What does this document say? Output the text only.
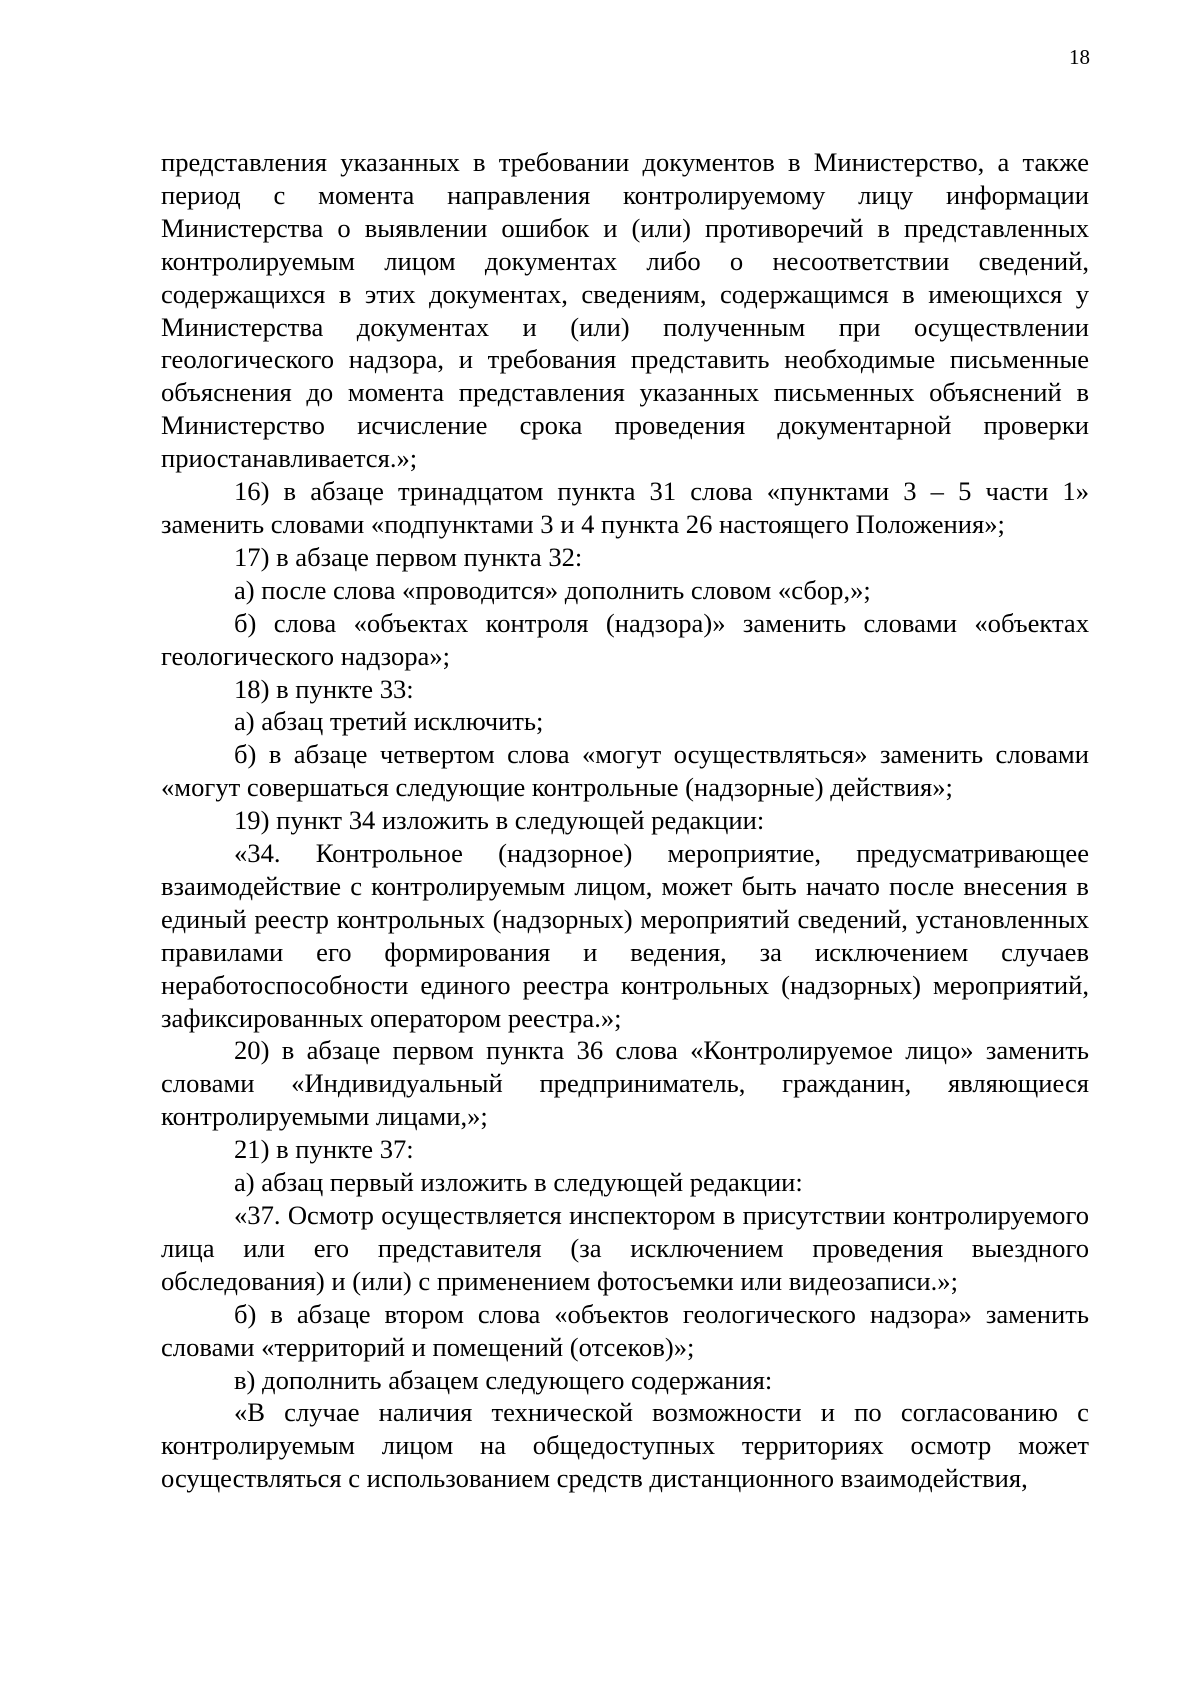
18

представления указанных в требовании документов в Министерство, а также период с момента направления контролируемому лицу информации Министерства о выявлении ошибок и (или) противоречий в представленных контролируемым лицом документах либо о несоответствии сведений, содержащихся в этих документах, сведениям, содержащимся в имеющихся у Министерства документах и (или) полученным при осуществлении геологического надзора, и требования представить необходимые письменные объяснения до момента представления указанных письменных объяснений в Министерство исчисление срока проведения документарной проверки приостанавливается.»;

16) в абзаце тринадцатом пункта 31 слова «пунктами 3 – 5 части 1» заменить словами «подпунктами 3 и 4 пункта 26 настоящего Положения»;

17) в абзаце первом пункта 32:

а) после слова «проводится» дополнить словом «сбор,»;

б) слова «объектах контроля (надзора)» заменить словами «объектах геологического надзора»;

18) в пункте 33:

а) абзац третий исключить;

б) в абзаце четвертом слова «могут осуществляться» заменить словами «могут совершаться следующие контрольные (надзорные) действия»;

19) пункт 34 изложить в следующей редакции:

«34. Контрольное (надзорное) мероприятие, предусматривающее взаимодействие с контролируемым лицом, может быть начато после внесения в единый реестр контрольных (надзорных) мероприятий сведений, установленных правилами его формирования и ведения, за исключением случаев неработоспособности единого реестра контрольных (надзорных) мероприятий, зафиксированных оператором реестра.»;

20) в абзаце первом пункта 36 слова «Контролируемое лицо» заменить словами «Индивидуальный предприниматель, гражданин, являющиеся контролируемыми лицами,»;

21) в пункте 37:

а) абзац первый изложить в следующей редакции:

«37. Осмотр осуществляется инспектором в присутствии контролируемого лица или его представителя (за исключением проведения выездного обследования) и (или) с применением фотосъемки или видеозаписи.»;

б) в абзаце втором слова «объектов геологического надзора» заменить словами «территорий и помещений (отсеков)»;

в) дополнить абзацем следующего содержания:

«В случае наличия технической возможности и по согласованию с контролируемым лицом на общедоступных территориях осмотр может осуществляться с использованием средств дистанционного взаимодействия,
